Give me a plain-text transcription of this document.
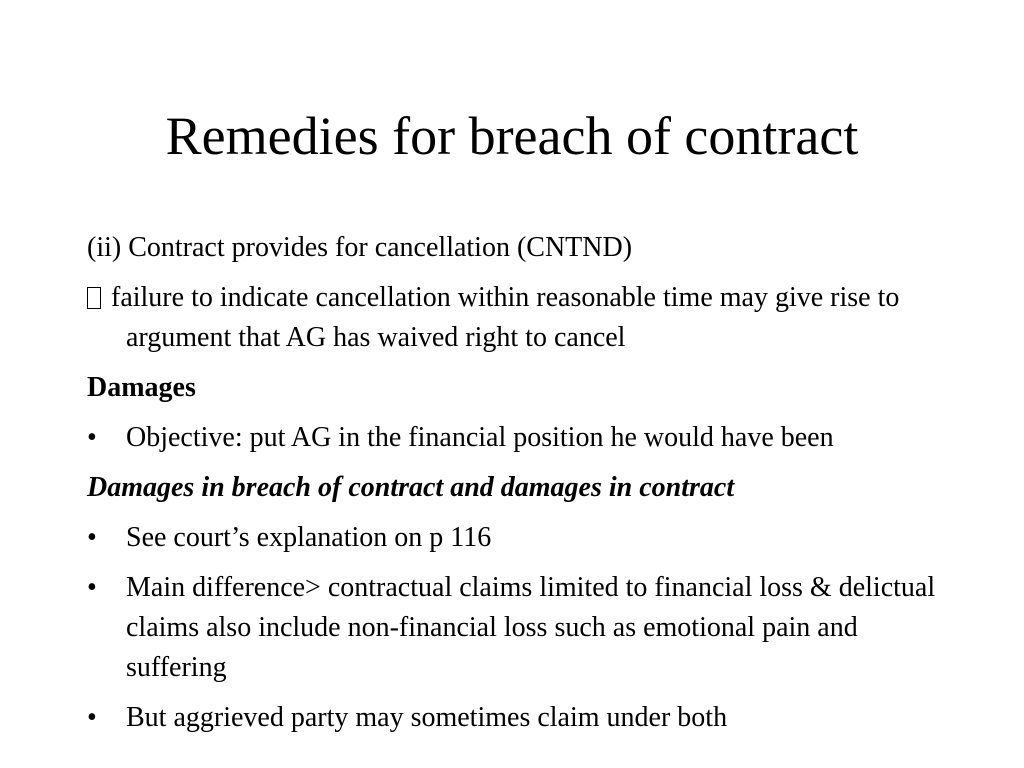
Remedies for breach of contract

(ii) Contract provides for cancellation (CNTND)

failure to indicate cancellation within reasonable time may give rise to argument that AG has waived right to cancel

Damages

•	Objective: put AG in the financial position he would have been

Damages in breach of contract and damages in contract

•	See court’s explanation on p 116
•	Main difference> contractual claims limited to financial loss & delictual claims also include non-financial loss such as emotional pain and suffering
•	But aggrieved party may sometimes claim under both
